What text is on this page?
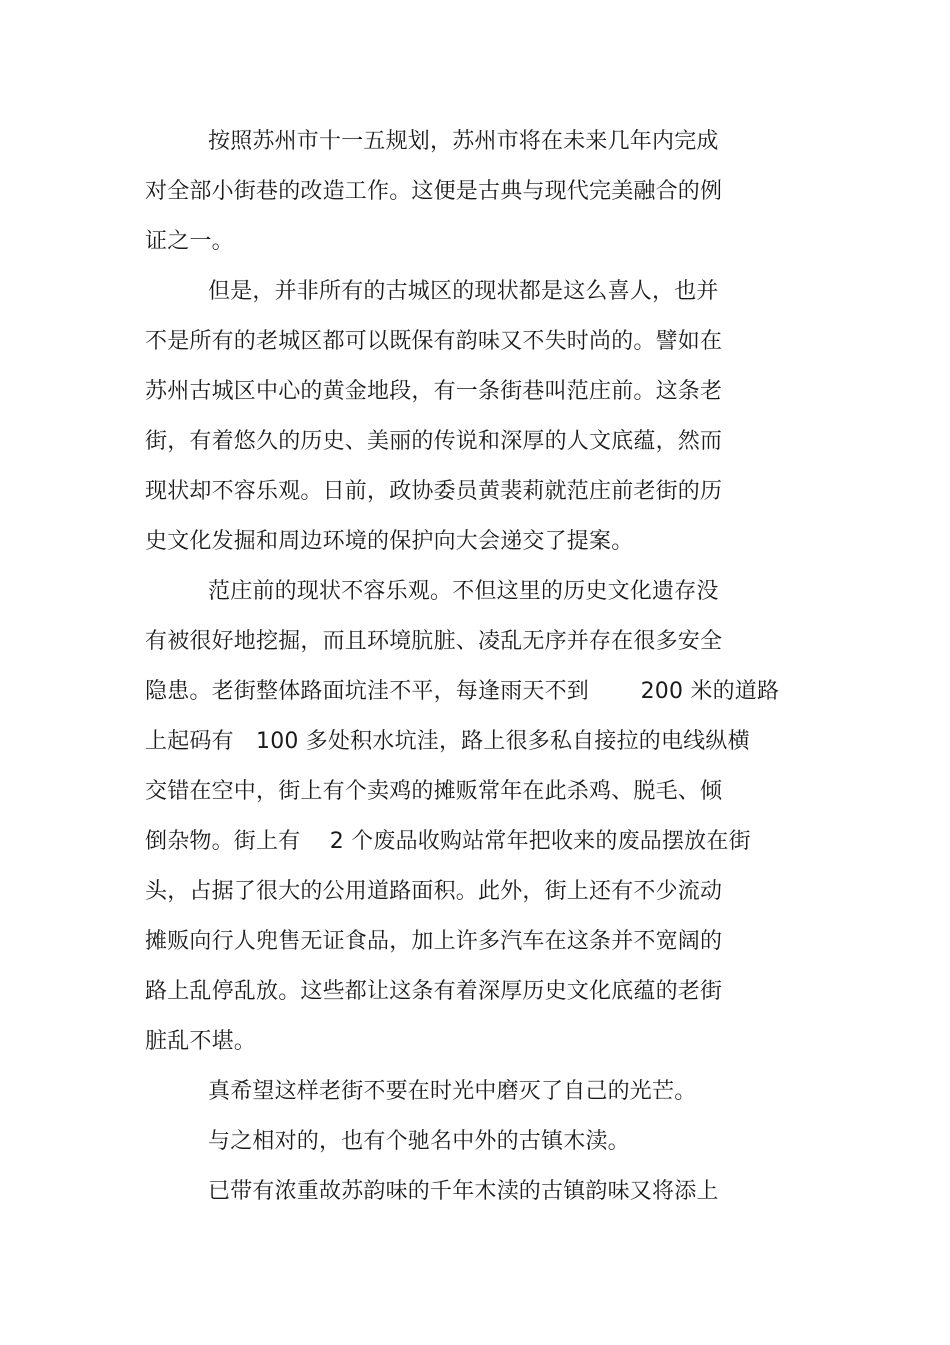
按照苏州市十一五规划，苏州市将在未来几年内完成
对全部小街巷的改造工作。这便是古典与现代完美融合的例
证之一。
但是，并非所有的古城区的现状都是这么喜人，也并
不是所有的老城区都可以既保有韵味又不失时尚的。譬如在
苏州古城区中心的黄金地段，有一条街巷叫范庄前。这条老
街，有着悠久的历史、美丽的传说和深厚的人文底蕴，然而
现状却不容乐观。日前，政协委员黄裴莉就范庄前老街的历
史文化发掘和周边环境的保护向大会递交了提案。
范庄前的现状不容乐观。不但这里的历史文化遗存没
有被很好地挖掘，而且环境肮脏、凌乱无序并存在很多安全
隐患。老街整体路面坑洼不平，每逢雨天不到　　 200 米的道路
上起码有　100 多处积水坑洼，路上很多私自接拉的电线纵横
交错在空中，街上有个卖鸡的摊贩常年在此杀鸡、脱毛、倾
倒杂物。街上有　 2 个废品收购站常年把收来的废品摆放在街
头，占据了很大的公用道路面积。此外，街上还有不少流动
摊贩向行人兜售无证食品，加上许多汽车在这条并不宽阔的
路上乱停乱放。这些都让这条有着深厚历史文化底蕴的老街
脏乱不堪。
真希望这样老街不要在时光中磨灭了自己的光芒。
与之相对的，也有个驰名中外的古镇木渎。
已带有浓重故苏韵味的千年木渎的古镇韵味又将添上
